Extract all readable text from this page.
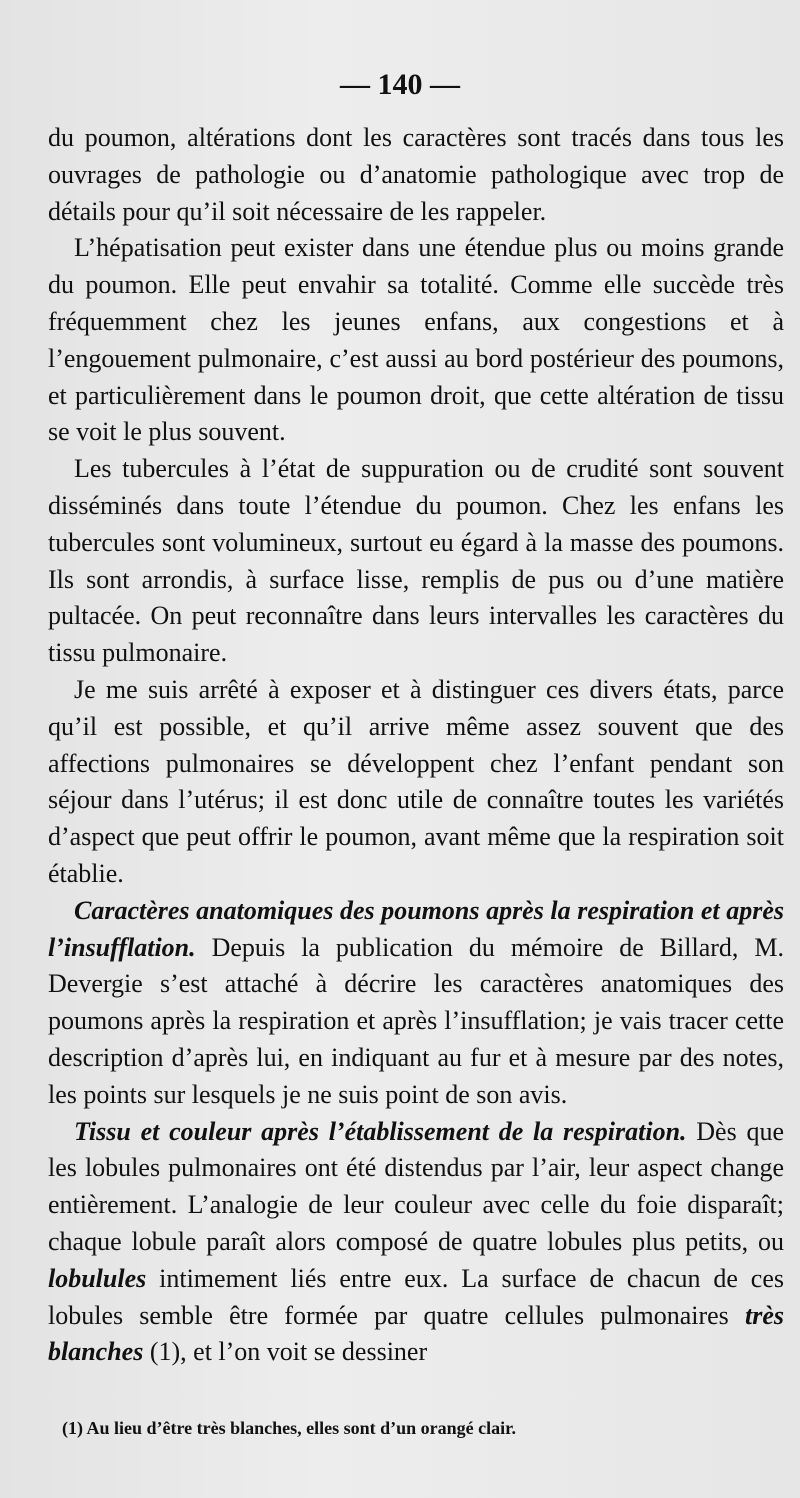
— 140 —

du poumon, altérations dont les caractères sont tracés dans tous les ouvrages de pathologie ou d’anatomie pathologique avec trop de détails pour qu’il soit nécessaire de les rappeler.

L’hépatisation peut exister dans une étendue plus ou moins grande du poumon. Elle peut envahir sa totalité. Comme elle succède très fréquemment chez les jeunes enfans, aux congestions et à l’engouement pulmonaire, c’est aussi au bord postérieur des poumons, et particulièrement dans le poumon droit, que cette altération de tissu se voit le plus souvent.

Les tubercules à l’état de suppuration ou de crudité sont souvent disséminés dans toute l’étendue du poumon. Chez les enfans les tubercules sont volumineux, surtout eu égard à la masse des poumons. Ils sont arrondis, à surface lisse, remplis de pus ou d’une matière pultacée. On peut reconnaître dans leurs intervalles les caractères du tissu pulmonaire.

Je me suis arrêté à exposer et à distinguer ces divers états, parce qu’il est possible, et qu’il arrive même assez souvent que des affections pulmonaires se développent chez l’enfant pendant son séjour dans l’utérus; il est donc utile de connaître toutes les variétés d’aspect que peut offrir le poumon, avant même que la respiration soit établie.

Caractères anatomiques des poumons après la respiration et après l’insufflation. Depuis la publication du mémoire de Billard, M. Devergie s’est attaché à décrire les caractères anatomiques des poumons après la respiration et après l’insufflation; je vais tracer cette description d’après lui, en indiquant au fur et à mesure par des notes, les points sur lesquels je ne suis point de son avis.

Tissu et couleur après l’établissement de la respiration. Dès que les lobules pulmonaires ont été distendus par l’air, leur aspect change entièrement. L’analogie de leur couleur avec celle du foie disparaît; chaque lobule paraît alors composé de quatre lobules plus petits, ou lobulules intimement liés entre eux. La surface de chacun de ces lobules semble être formée par quatre cellules pulmonaires très blanches (1), et l’on voit se dessiner

(1) Au lieu d’être très blanches, elles sont d’un orangé clair.
